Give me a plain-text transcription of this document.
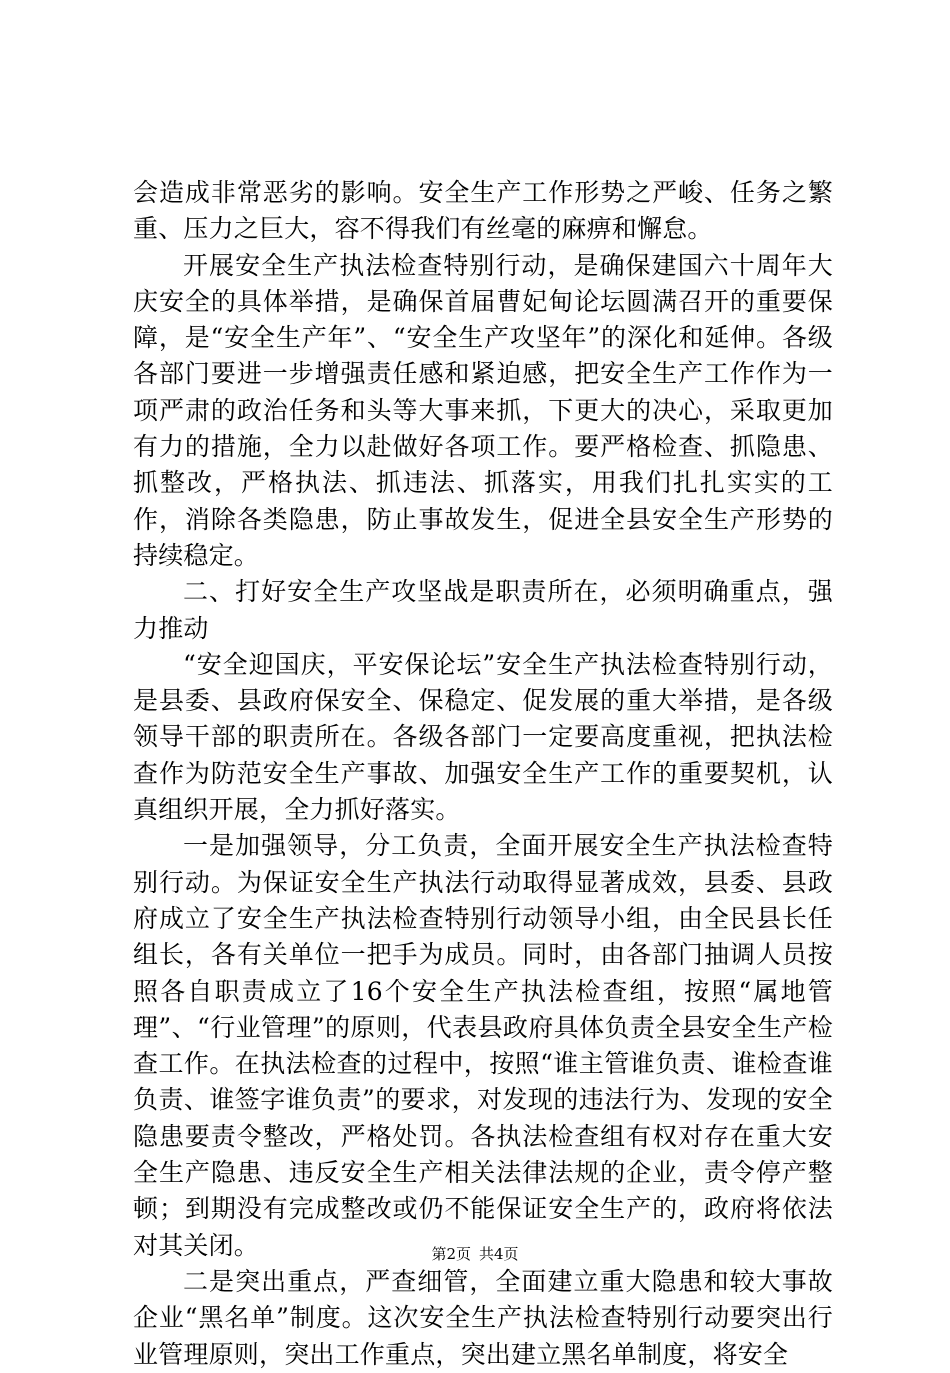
会造成非常恶劣的影响。安全生产工作形势之严峻、任务之繁重、压力之巨大，容不得我们有丝毫的麻痹和懈怠。

开展安全生产执法检查特别行动，是确保建国六十周年大庆安全的具体举措，是确保首届曹妃甸论坛圆满召开的重要保障，是“安全生产年”、“安全生产攻坚年”的深化和延伸。各级各部门要进一步增强责任感和紧迫感，把安全生产工作作为一项严肃的政治任务和头等大事来抓，下更大的决心，采取更加有力的措施，全力以赴做好各项工作。要严格检查、抓隐患、抓整改，严格执法、抓违法、抓落实，用我们扎扎实实的工作，消除各类隐患，防止事故发生，促进全县安全生产形势的持续稳定。

二、打好安全生产攻坚战是职责所在，必须明确重点，强力推动

“安全迎国庆，平安保论坛”安全生产执法检查特别行动，是县委、县政府保安全、保稳定、促发展的重大举措，是各级领导干部的职责所在。各级各部门一定要高度重视，把执法检查作为防范安全生产事故、加强安全生产工作的重要契机，认真组织开展，全力抓好落实。

一是加强领导，分工负责，全面开展安全生产执法检查特别行动。为保证安全生产执法行动取得显著成效，县委、县政府成立了安全生产执法检查特别行动领导小组，由全民县长任组长，各有关单位一把手为成员。同时，由各部门抽调人员按照各自职责成立了16个安全生产执法检查组，按照“属地管理”、“行业管理”的原则，代表县政府具体负责全县安全生产检查工作。在执法检查的过程中，按照“谁主管谁负责、谁检查谁负责、谁签字谁负责”的要求，对发现的违法行为、发现的安全隐患要责令整改，严格处罚。各执法检查组有权对存在重大安全生产隐患、违反安全生产相关法律法规的企业，责令停产整顿；到期没有完成整改或仍不能保证安全生产的，政府将依法对其关闭。

二是突出重点，严查细管，全面建立重大隐患和较大事故企业“黑名单”制度。这次安全生产执法检查特别行动要突出行业管理原则，突出工作重点，突出建立黑名单制度，将安全

第2页 共4页
